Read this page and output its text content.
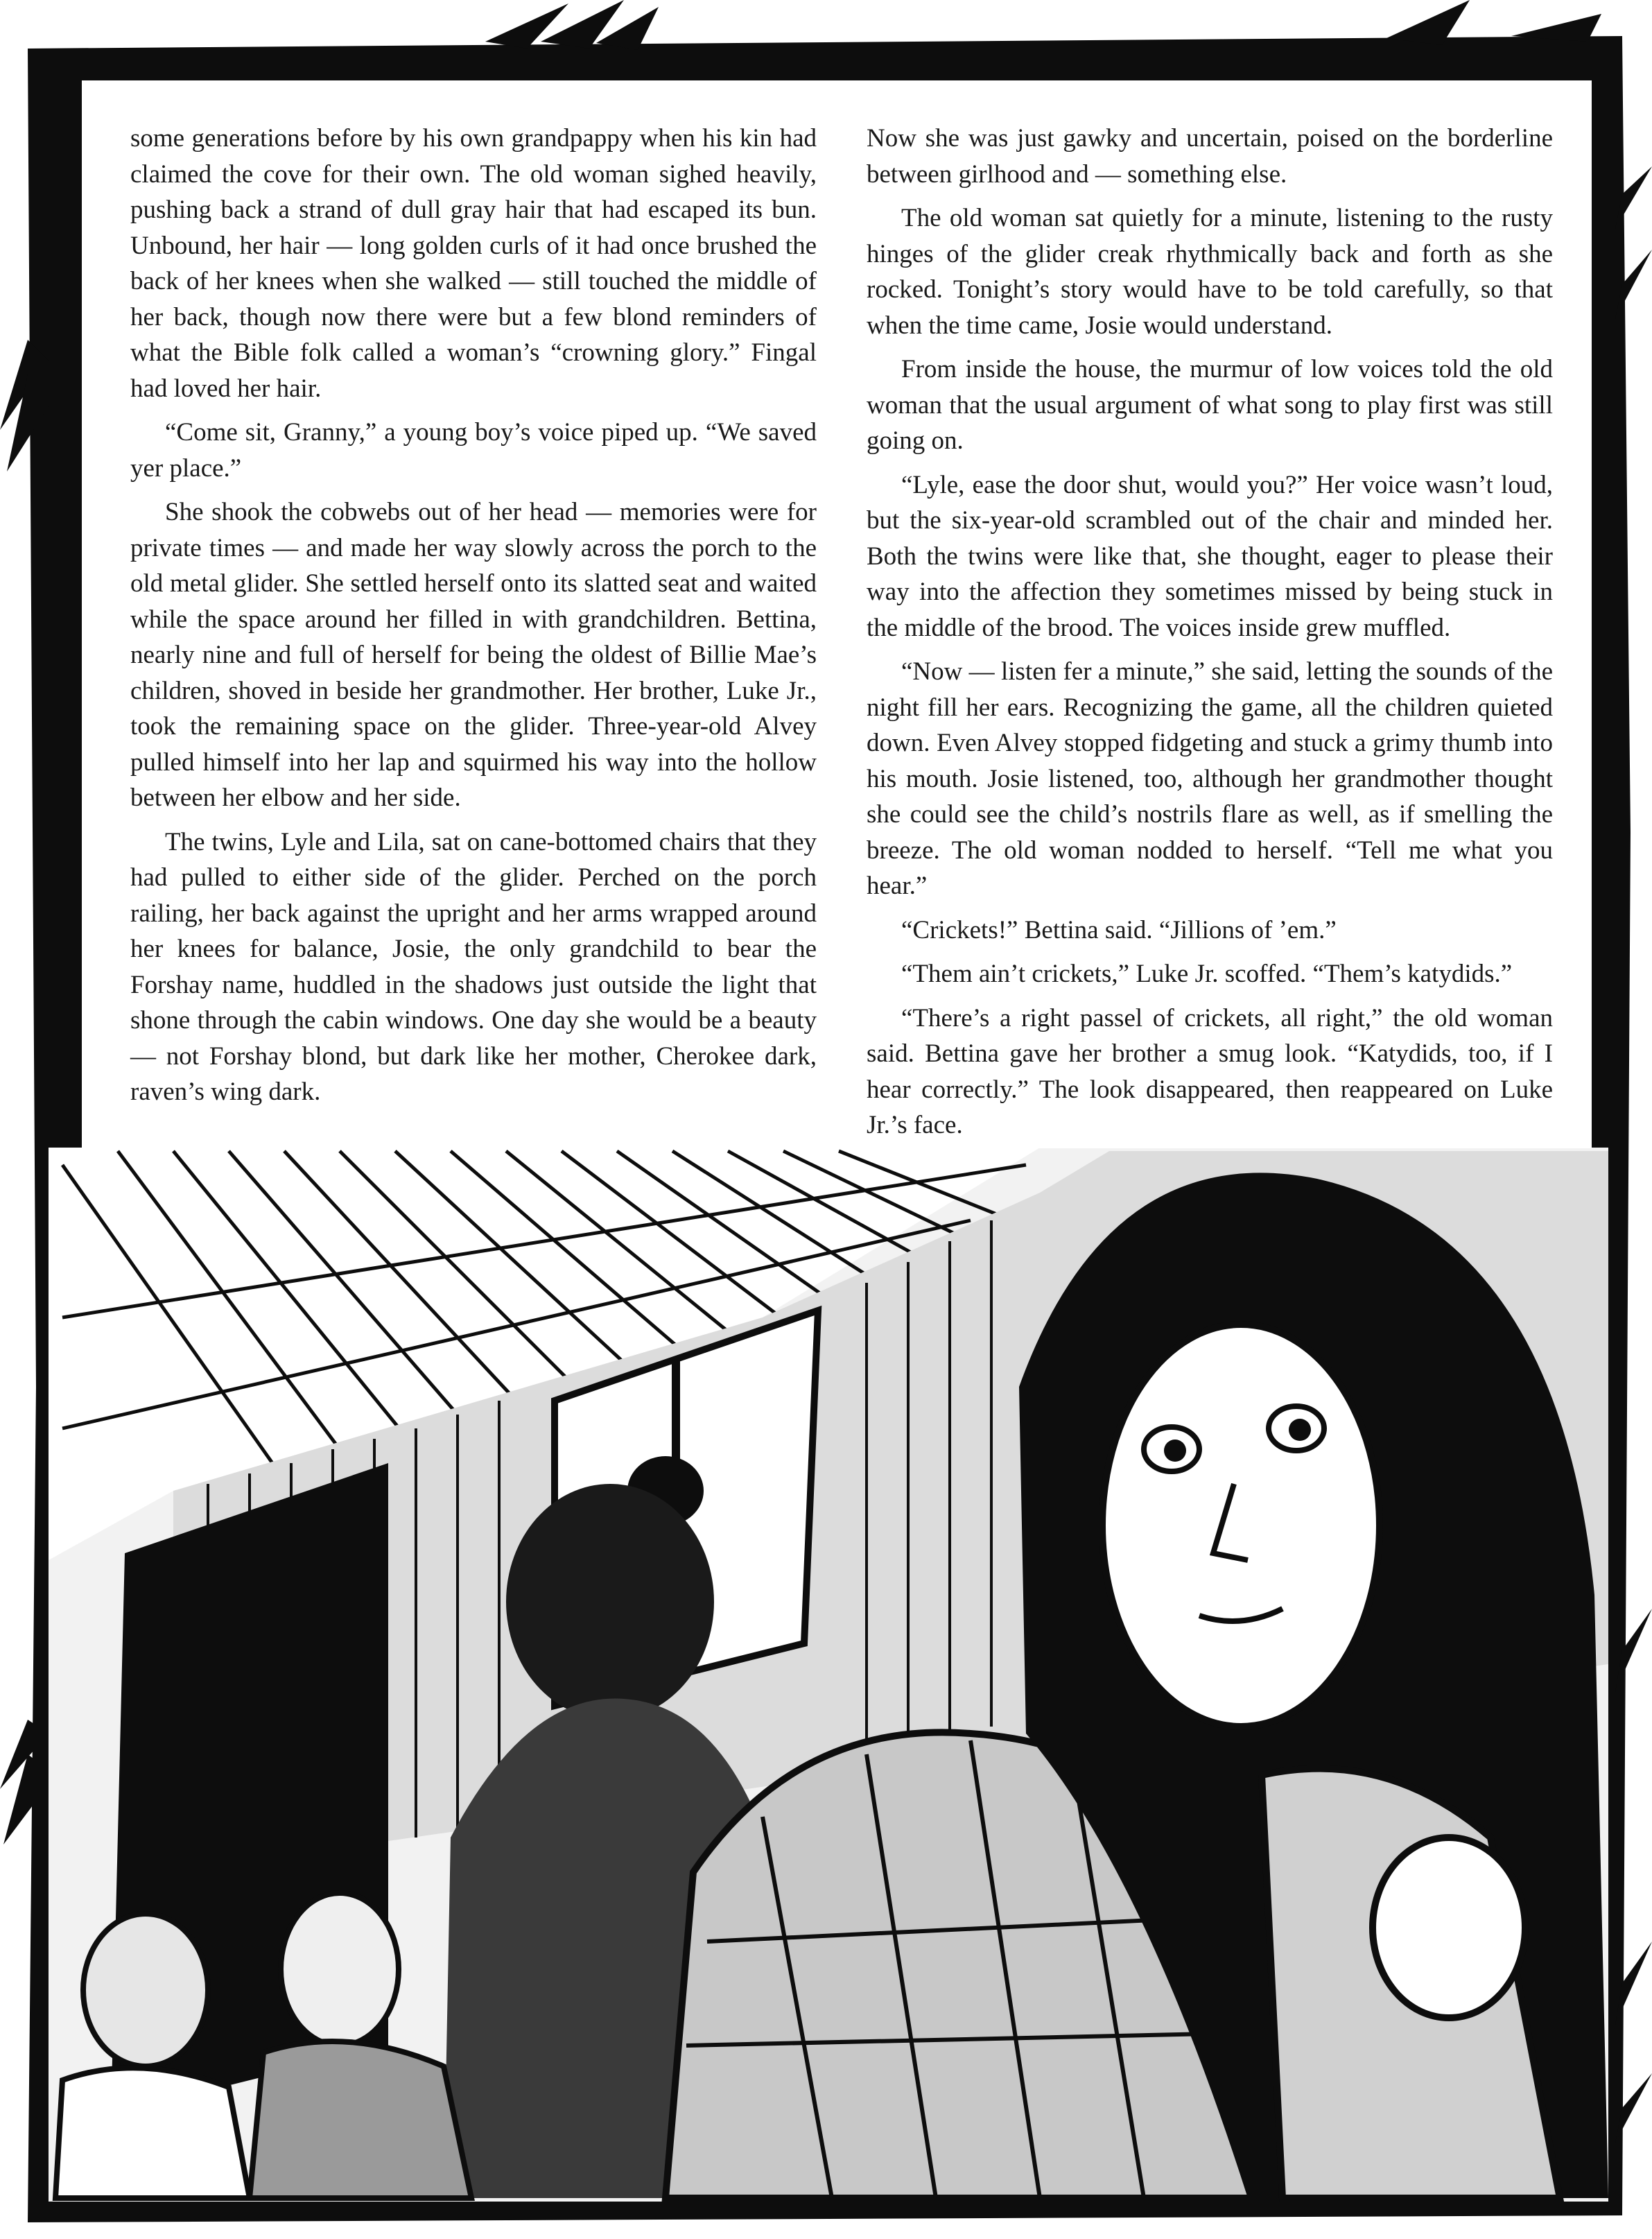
some generations before by his own grandpappy when his kin had claimed the cove for their own. The old woman sighed heavily, pushing back a strand of dull gray hair that had escaped its bun. Unbound, her hair — long golden curls of it had once brushed the back of her knees when she walked — still touched the middle of her back, though now there were but a few blond reminders of what the Bible folk called a woman’s “crowning glory.” Fingal had loved her hair.

“Come sit, Granny,” a young boy’s voice piped up. “We saved yer place.”

She shook the cobwebs out of her head — memories were for private times — and made her way slowly across the porch to the old metal glider. She settled herself onto its slatted seat and waited while the space around her filled in with grandchildren. Bettina, nearly nine and full of herself for being the oldest of Billie Mae’s children, shoved in beside her grandmother. Her brother, Luke Jr., took the remaining space on the glider. Three-year-old Alvey pulled himself into her lap and squirmed his way into the hollow between her elbow and her side.

The twins, Lyle and Lila, sat on cane-bottomed chairs that they had pulled to either side of the glider. Perched on the porch railing, her back against the upright and her arms wrapped around her knees for balance, Josie, the only grandchild to bear the Forshay name, huddled in the shadows just outside the light that shone through the cabin windows. One day she would be a beauty — not Forshay blond, but dark like her mother, Cherokee dark, raven’s wing dark.

Now she was just gawky and uncertain, poised on the borderline between girlhood and — something else.

The old woman sat quietly for a minute, listening to the rusty hinges of the glider creak rhythmically back and forth as she rocked. Tonight’s story would have to be told carefully, so that when the time came, Josie would understand.

From inside the house, the murmur of low voices told the old woman that the usual argument of what song to play first was still going on.

“Lyle, ease the door shut, would you?” Her voice wasn’t loud, but the six-year-old scrambled out of the chair and minded her. Both the twins were like that, she thought, eager to please their way into the affection they sometimes missed by being stuck in the middle of the brood. The voices inside grew muffled.

“Now — listen fer a minute,” she said, letting the sounds of the night fill her ears. Recognizing the game, all the children quieted down. Even Alvey stopped fidgeting and stuck a grimy thumb into his mouth. Josie listened, too, although her grandmother thought she could see the child’s nostrils flare as well, as if smelling the breeze. The old woman nodded to herself. “Tell me what you hear.”

“Crickets!” Bettina said. “Jillions of ’em.”

“Them ain’t crickets,” Luke Jr. scoffed. “Them’s katydids.”

“There’s a right passel of crickets, all right,” the old woman said. Bettina gave her brother a smug look. “Katydids, too, if I hear correctly.” The look disappeared, then reappeared on Luke Jr.’s face.
